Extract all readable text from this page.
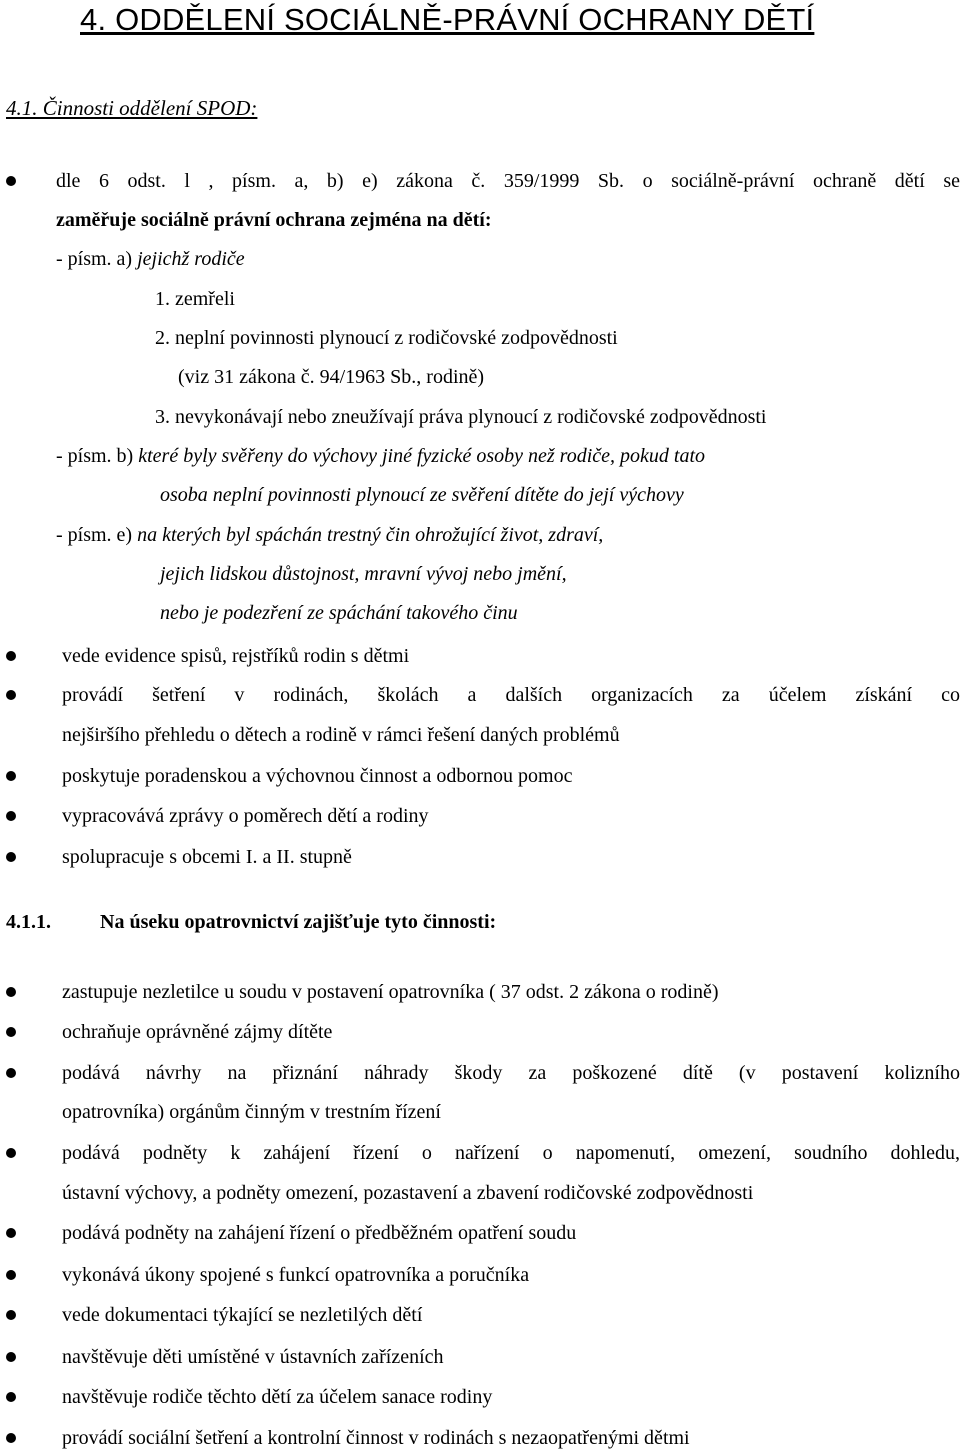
4. ODDĚLENÍ SOCIÁLNĚ-PRÁVNÍ OCHRANY DĚTÍ
4.1. Činnosti oddělení SPOD:
dle 6 odst. l , písm. a, b) e) zákona č. 359/1999 Sb. o sociálně-právní ochraně dětí se
zaměřuje sociálně právní ochrana zejména na dětí:
- písm. a) jejichž rodiče
1. zemřeli
2. neplní povinnosti plynoucí z rodičovské zodpovědnosti
(viz 31 zákona č. 94/1963 Sb., rodině)
3. nevykonávají nebo zneužívají práva plynoucí z rodičovské zodpovědnosti
- písm. b) které byly svěřeny do výchovy jiné fyzické osoby než rodiče, pokud tato
osoba neplní povinnosti plynoucí ze svěření dítěte do její výchovy
- písm. e) na kterých byl spáchán trestný čin ohrožující život, zdraví,
jejich lidskou důstojnost, mravní vývoj nebo jmění,
nebo je podezření ze spáchání takového činu
vede evidence spisů, rejstříků rodin s dětmi
provádí šetření v rodinách, školách a dalších organizacích za účelem získání co
nejširšího přehledu o dětech a rodině v rámci řešení daných problémů
poskytuje poradenskou a výchovnou činnost a odbornou pomoc
vypracovává zprávy o poměrech dětí a rodiny
spolupracuje s obcemi I. a II. stupně
4.1.1. Na úseku opatrovnictví zajišťuje tyto činnosti:
zastupuje nezletilce u soudu v postavení opatrovníka ( 37 odst. 2 zákona o rodině)
ochraňuje oprávněné zájmy dítěte
podává návrhy na přiznání náhrady škody za poškozené dítě (v postavení kolizního
opatrovníka) orgánům činným v trestním řízení
podává podněty k zahájení řízení o nařízení o napomenutí, omezení, soudního dohledu,
ústavní výchovy, a podněty omezení, pozastavení a zbavení rodičovské zodpovědnosti
podává podněty na zahájení řízení o předběžném opatření soudu
vykonává úkony spojené s funkcí opatrovníka a poručníka
vede dokumentaci týkající se nezletilých dětí
navštěvuje děti umístěné v ústavních zařízeních
navštěvuje rodiče těchto dětí za účelem sanace rodiny
provádí sociální šetření a kontrolní činnost v rodinách s nezaopatřenými dětmi
